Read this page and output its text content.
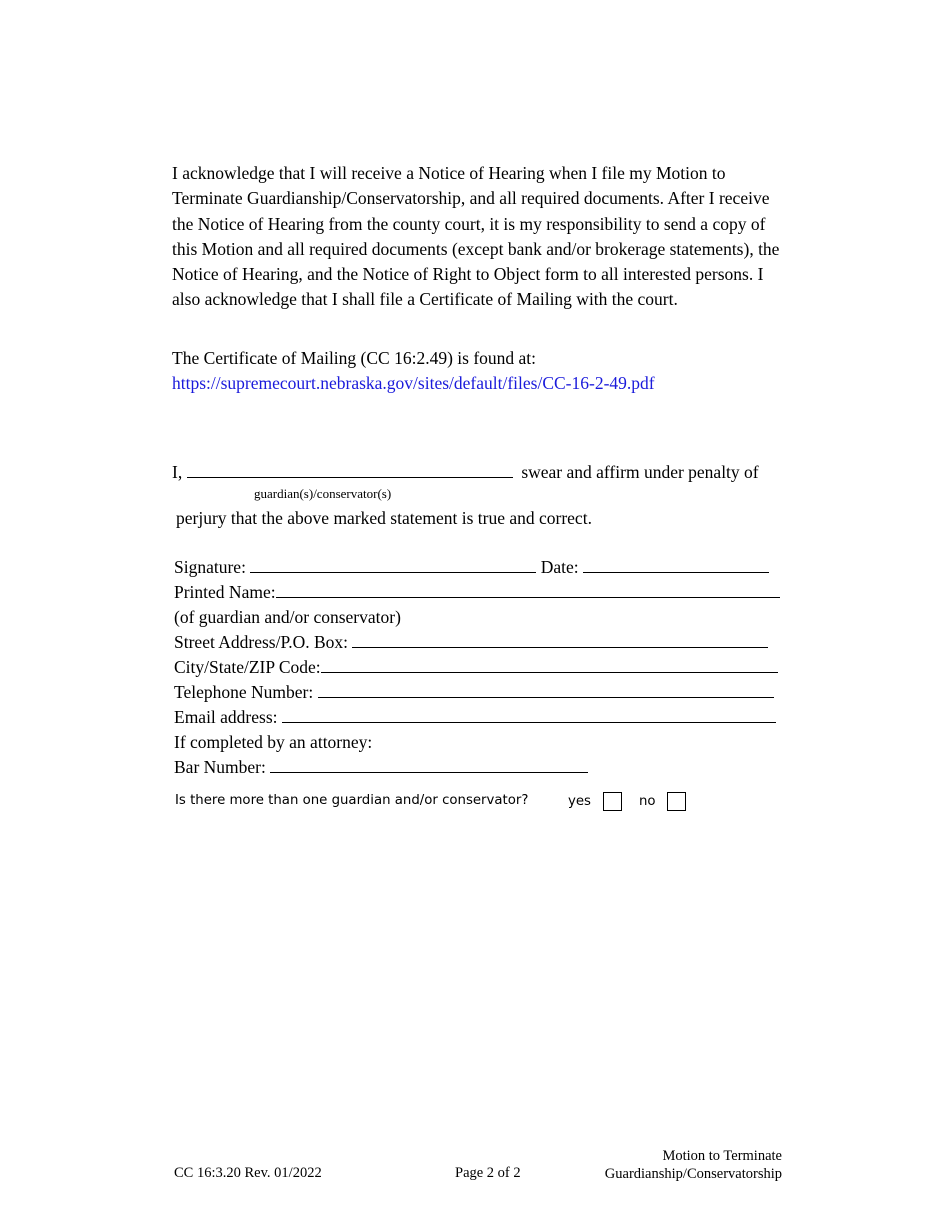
I acknowledge that I will receive a Notice of Hearing when I file my Motion to Terminate Guardianship/Conservatorship, and all required documents. After I receive the Notice of Hearing from the county court, it is my responsibility to send a copy of this Motion and all required documents (except bank and/or brokerage statements), the Notice of Hearing, and the Notice of Right to Object form to all interested persons. I also acknowledge that I shall file a Certificate of Mailing with the court.

The Certificate of Mailing (CC 16:2.49) is found at:
https://supremecourt.nebraska.gov/sites/default/files/CC-16-2-49.pdf

I,	swear and affirm under penalty of
guardian(s)/conservator(s)
perjury that the above marked statement is true and correct.
Signature:	Date:
Printed Name:
(of guardian and/or conservator)
Street Address/P.O. Box:
City/State/ZIP Code:
Telephone Number:
Email address:
If completed by an attorney:
Bar Number:
Is there more than one guardian and/or conservator?	yes	no
CC 16:3.20 Rev. 01/2022	Page 2 of 2
Motion to Terminate
Guardianship/Conservatorship
